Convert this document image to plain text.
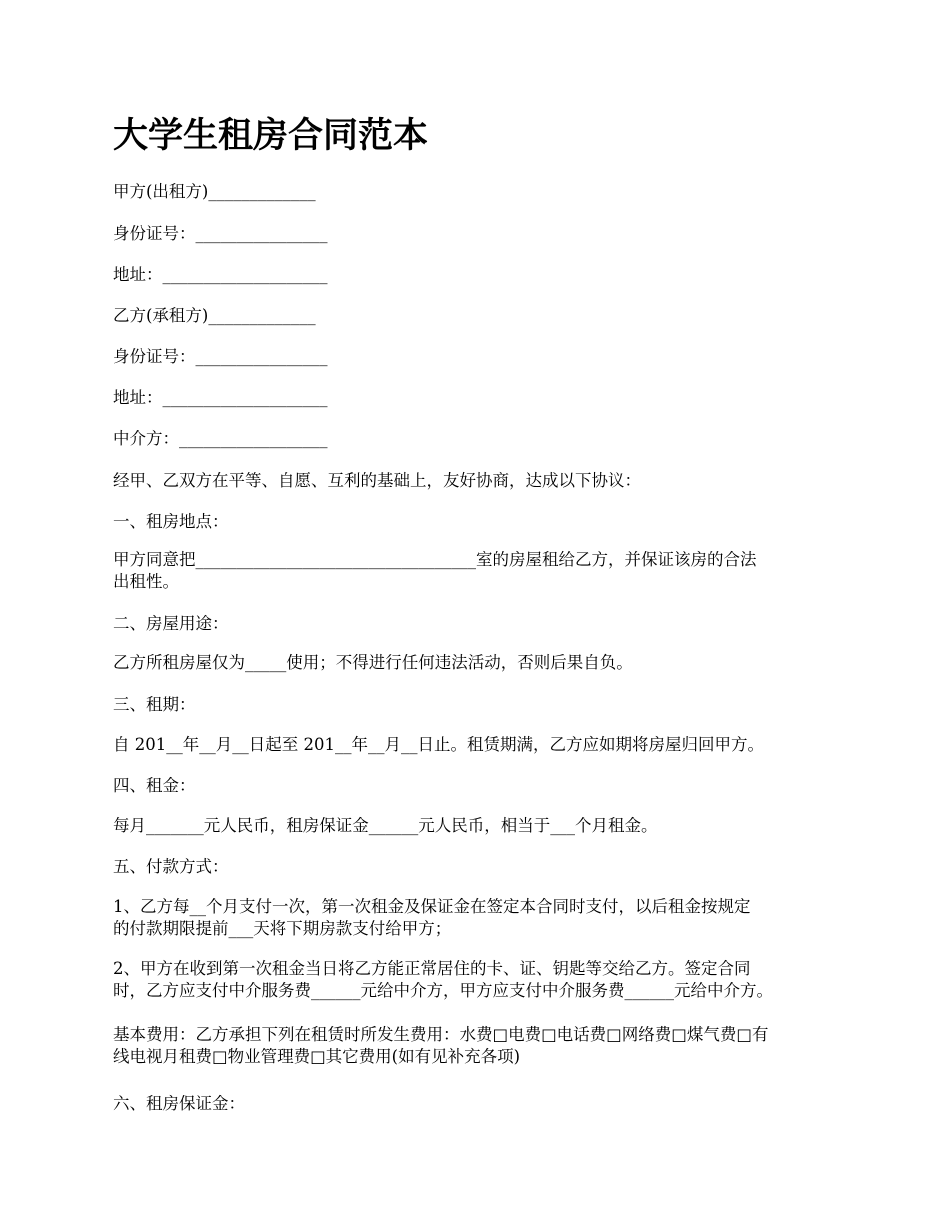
大学生租房合同范本
甲方(出租方)_____________
身份证号：________________
地址：____________________
乙方(承租方)_____________
身份证号：________________
地址：____________________
中介方：__________________
经甲、乙双方在平等、自愿、互利的基础上，友好协商，达成以下协议：
一、租房地点：
甲方同意把__________________________________室的房屋租给乙方，并保证该房的合法
出租性。
二、房屋用途：
乙方所租房屋仅为_____使用；不得进行任何违法活动，否则后果自负。
三、租期：
自 201__年__月__日起至 201__年__月__日止。租赁期满，乙方应如期将房屋归回甲方。
四、租金：
每月_______元人民币，租房保证金______元人民币，相当于___个月租金。
五、付款方式：
1、乙方每__个月支付一次，第一次租金及保证金在签定本合同时支付，以后租金按规定
的付款期限提前___天将下期房款支付给甲方；
2、甲方在收到第一次租金当日将乙方能正常居住的卡、证、钥匙等交给乙方。签定合同
时，乙方应支付中介服务费______元给中介方，甲方应支付中介服务费______元给中介方。
基本费用：乙方承担下列在租赁时所发生费用：水费□电费□电话费□网络费□煤气费□有
线电视月租费□物业管理费□其它费用(如有见补充各项)
六、租房保证金：
